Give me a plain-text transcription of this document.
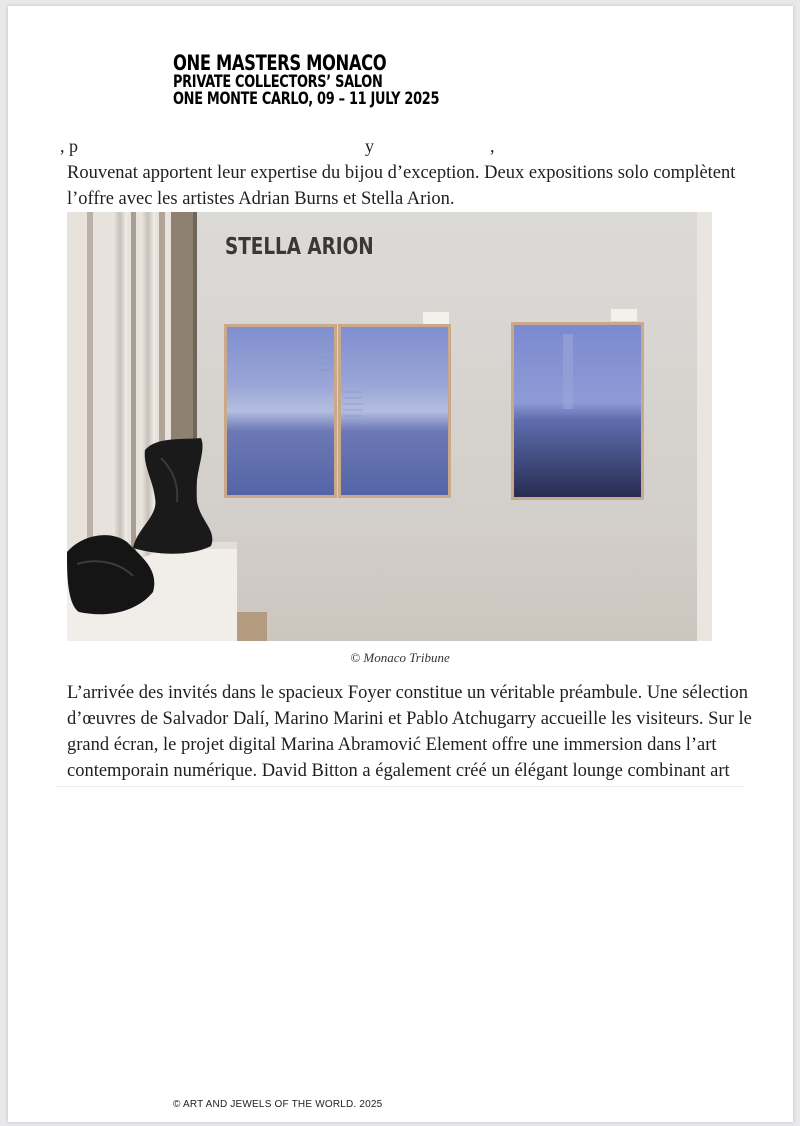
ONE MASTERS MONACO
PRIVATE COLLECTORS’ SALON
ONE MONTE CARLO, 09 – 11 JULY 2025
, p	y	,
Rouvenat apportent leur expertise du bijou d’exception. Deux expositions solo complètent
l’offre avec les artistes Adrian Burns et Stella Arion.
STELLA ARION
© Monaco Tribune
L’arrivée des invités dans le spacieux Foyer constitue un véritable préambule. Une sélection
d’œuvres de Salvador Dalí, Marino Marini et Pablo Atchugarry accueille les visiteurs. Sur le
grand écran, le projet digital Marina Abramović Element offre une immersion dans l’art
contemporain numérique. David Bitton a également créé un élégant lounge combinant art
© ART AND JEWELS OF THE WORLD. 2025
